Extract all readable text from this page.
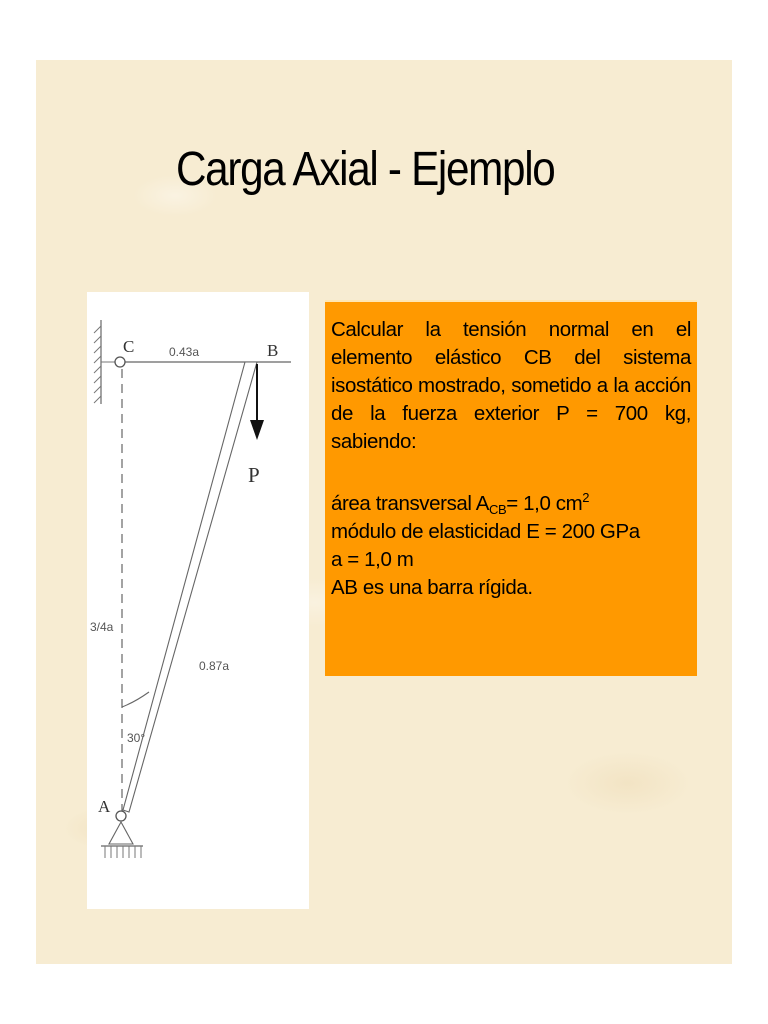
Carga Axial - Ejemplo
C	B
A
P
0.43a
3/4a
0.87a
30°
Calcular la tensión normal en el elemento elástico CB del sistema isostático mostrado, sometido a la acción de la fuerza exterior P = 700 kg, sabiendo:
área transversal $A_{CB}= 1,0$ $cm^2$
módulo de elasticidad E = 200 GPa
a = 1,0 m
AB es una barra rígida.
